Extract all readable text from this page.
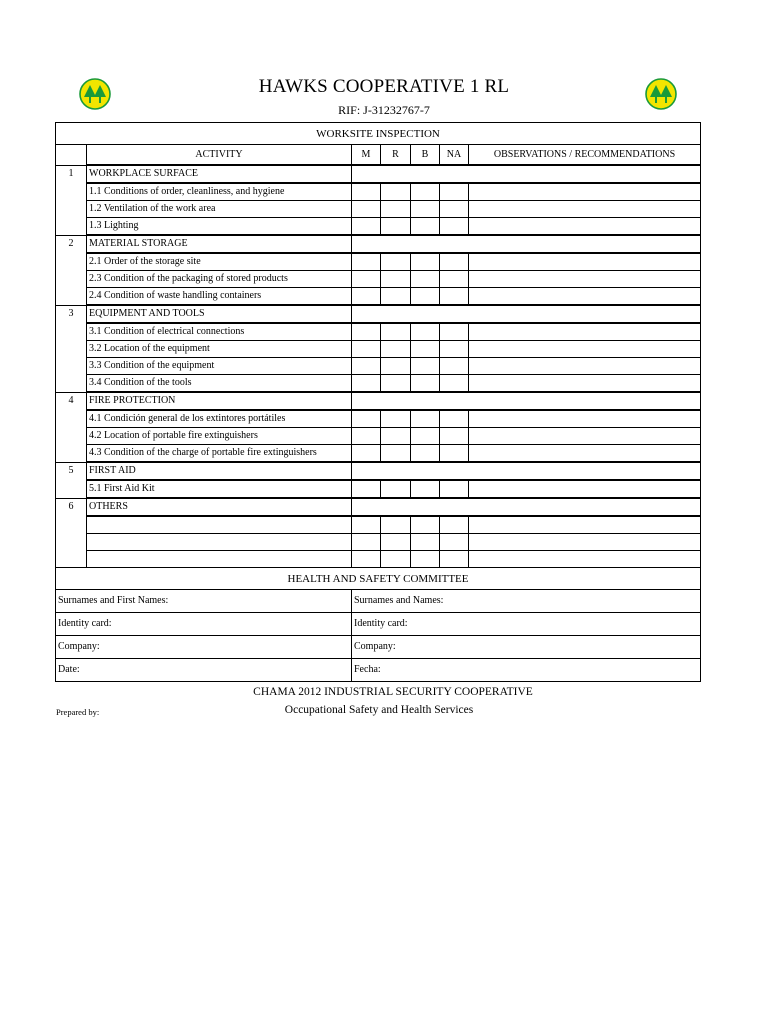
HAWKS COOPERATIVE 1 RL
RIF: J-31232767-7
WORKSITE INSPECTION						
	ACTIVITY	M	R	B	NA	OBSERVATIONS / RECOMMENDATIONS
1	WORKPLACE SURFACE					
	1.1 Conditions of order, cleanliness, and hygiene					
	1.2 Ventilation of the work area					
	1.3 Lighting					
2	MATERIAL STORAGE					
	2.1 Order of the storage site					
	2.3 Condition of the packaging of stored products					
	2.4 Condition of waste handling containers					
3	EQUIPMENT AND TOOLS					
	3.1 Condition of electrical connections					
	3.2 Location of the equipment					
	3.3 Condition of the equipment					
	3.4 Condition of the tools					
4	FIRE PROTECTION					
	4.1 Condición general de los extintores portátiles					
	4.2 Location of portable fire extinguishers					
	4.3 Condition of the charge of portable fire extinguishers					
5	FIRST AID					
	5.1 First Aid Kit					
6	OTHERS					

HEALTH AND SAFETY COMMITTEE						
Surnames and First Names:		Surnames and Names:				
Identity card:		Identity card:				
Company:		Company:				
Date:		Fecha:				
CHAMA 2012 INDUSTRIAL SECURITY COOPERATIVE
Occupational Safety and Health Services
Prepared by:
